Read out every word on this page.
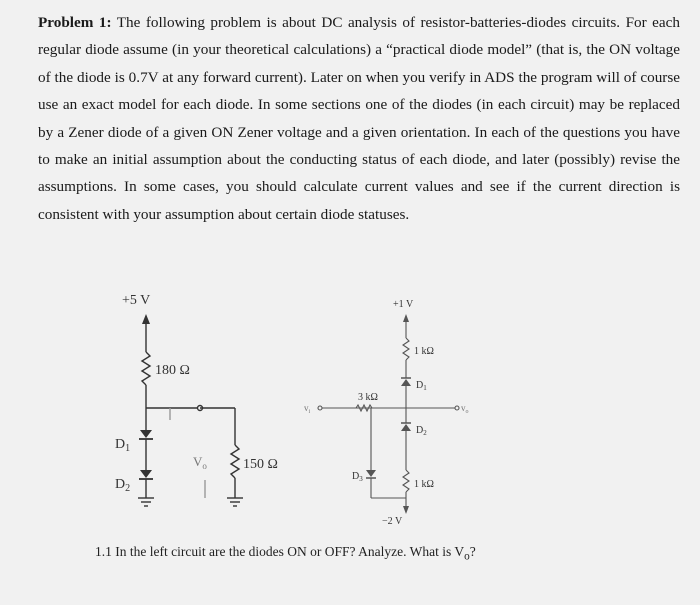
Problem 1: The following problem is about DC analysis of resistor-batteries-diodes circuits. For each regular diode assume (in your theoretical calculations) a “practical diode model” (that is, the ON voltage of the diode is 0.7V at any forward current). Later on when you verify in ADS the program will of course use an exact model for each diode. In some sections one of the diodes (in each circuit) may be replaced by a Zener diode of a given ON Zener voltage and a given orientation. In each of the questions you have to make an initial assumption about the conducting status of each diode, and later (possibly) revise the assumptions. In some cases, you should calculate current values and see if the current direction is consistent with your assumption about certain diode statuses.
+5 V
180 Ω
$D_1$
$D_2$
$V_o$	150 Ω
+1 V
1 kΩ
$D_1$
$v_i$	$v_o$
3 kΩ
$D_3$
$D_2$
1 kΩ
−2 V
1.1 In the left circuit are the diodes ON or OFF? Analyze. What is $V_o$?
